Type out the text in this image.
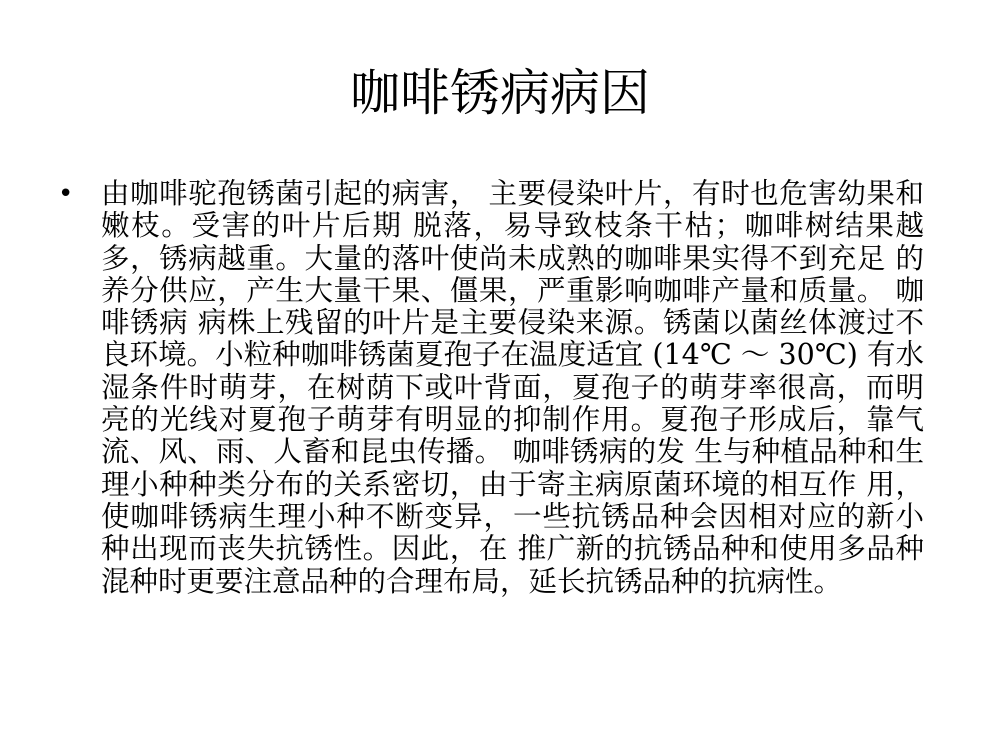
咖啡锈病病因
• 由咖啡驼孢锈菌引起的病害， 主要侵染叶片，有时也危害幼果和嫩枝。受害的叶片后期 脱落，易导致枝条干枯；咖啡树结果越多，锈病越重。大量的落叶使尚未成熟的咖啡果实得不到充足 的养分供应，产生大量干果、僵果，严重影响咖啡产量和质量。 咖啡锈病 病株上残留的叶片是主要侵染来源。锈菌以菌丝体渡过不良环境。小粒种咖啡锈菌夏孢子在温度适宜 (14℃ ～ 30℃) 有水湿条件时萌芽，在树荫下或叶背面，夏孢子的萌芽率很高，而明亮的光线对夏孢子萌芽有明显的抑制作用。夏孢子形成后，靠气流、风、雨、人畜和昆虫传播。 咖啡锈病的发 生与种植品种和生理小种种类分布的关系密切，由于寄主病原菌环境的相互作 用，使咖啡锈病生理小种不断变异，一些抗锈品种会因相对应的新小种出现而丧失抗锈性。因此，在 推广新的抗锈品种和使用多品种混种时更要注意品种的合理布局，延长抗锈品种的抗病性。
